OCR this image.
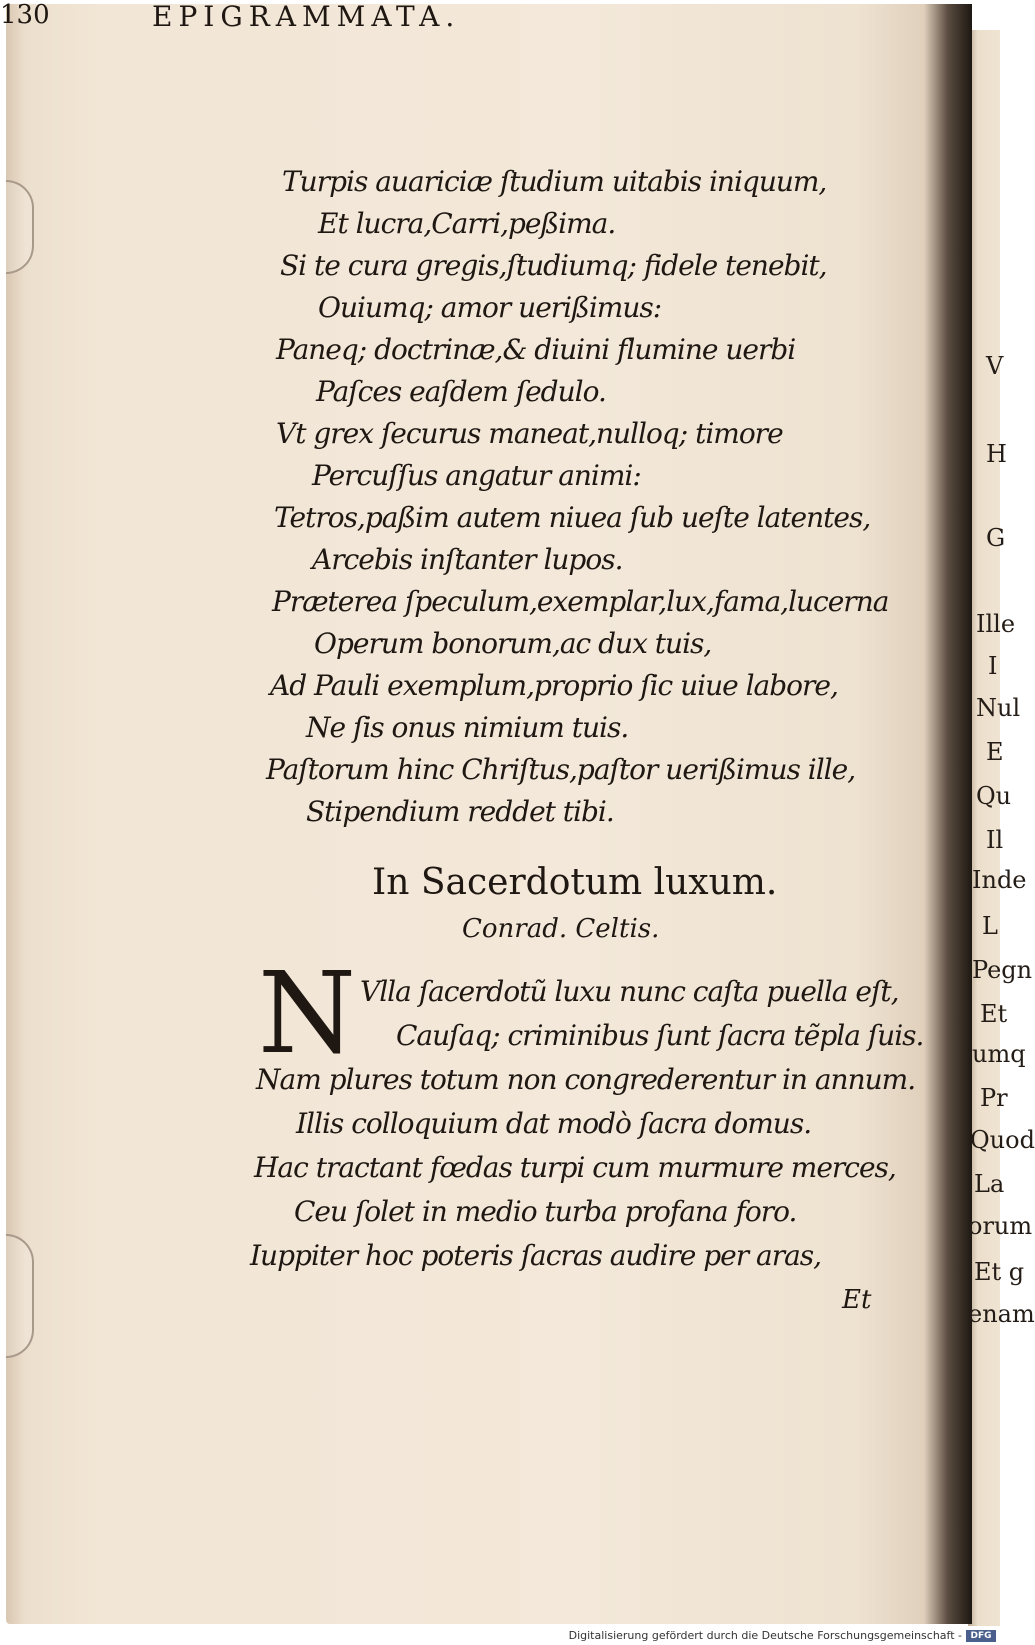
130	EPIGRAMMATA.
Turpis auariciæ ſtudium uitabis iniquum,
Et lucra,Carri,peßima.
Si te cura gregis,ſtudiumq; fidele tenebit,
Ouiumq; amor uerißimus:
Paneq; doctrinæ,& diuini flumine uerbi
Paſces eaſdem ſedulo.
Vt grex ſecurus maneat,nulloq; timore
Percuſſus angatur animi:
Tetros,paßim autem niuea ſub ueſte latentes,
Arcebis inſtanter lupos.
Præterea ſpeculum,exemplar,lux,fama,lucerna
Operum bonorum,ac dux tuis,
Ad Pauli exemplum,proprio ſic uiue labore,
Ne ſis onus nimium tuis.
Paſtorum hinc Chriſtus,paſtor uerißimus ille,
Stipendium reddet tibi.
In Sacerdotum luxum.
Conrad. Celtis.
N Vlla ſacerdotũ luxu nunc caſta puella eſt,
Cauſaq; criminibus ſunt ſacra tẽpla ſuis.
Nam plures totum non congrederentur in annum.
Illis colloquium dat modò ſacra domus.
Hac tractant fœdas turpi cum murmure merces,
Ceu ſolet in medio turba profana foro.
Iuppiter hoc poteris ſacras audire per aras,
Et
V
H
G
Ille
I
Nul
E
Qu
Il
Inde
L
Pegn
Et
umq
Pr
Quod
La
orum
Et g
enam
Digitalisierung gefördert durch die Deutsche Forschungsgemeinschaft - DFG
